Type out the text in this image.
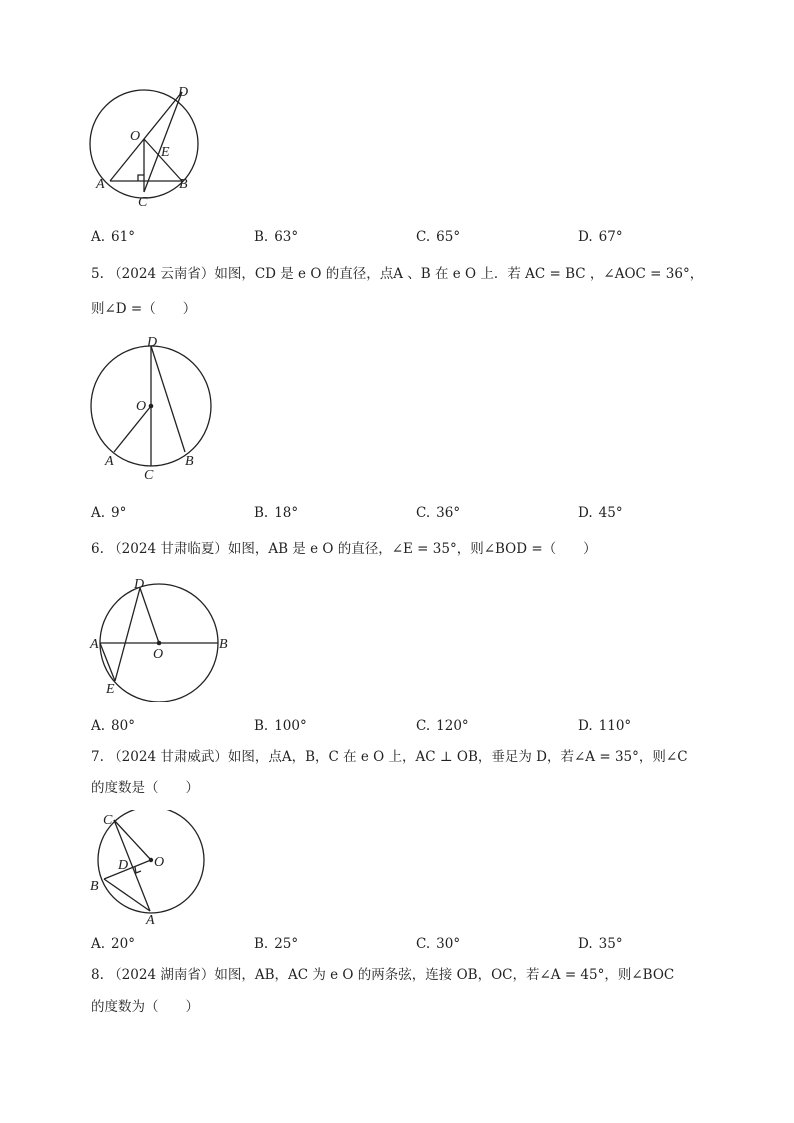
D
O
E
A	B
C
A. 61°	B. 63°	C. 65°	D. 67°
5. （2024 云南省）如图，CD 是 e O 的直径，点A 、B 在 e O 上．若 AC = BC ，∠AOC = 36°，
则∠D =（　　）
D
O
A
C
B
A. 9°	B. 18°	C. 36°	D. 45°
6. （2024 甘肃临夏）如图，AB 是 e O 的直径，∠E = 35°，则∠BOD =（　　）
D
A
O
B
E
A. 80°	B. 100°	C. 120°	D. 110°
7. （2024 甘肃威武）如图，点A，B，C 在 e O 上，AC ⊥ OB，垂足为 D，若∠A = 35°，则∠C
的度数是（　　）
C
D O
B
A
A. 20°	B. 25°	C. 30°	D. 35°
8. （2024 湖南省）如图，AB，AC 为 e O 的两条弦，连接 OB，OC，若∠A = 45°，则∠BOC
的度数为（　　）
